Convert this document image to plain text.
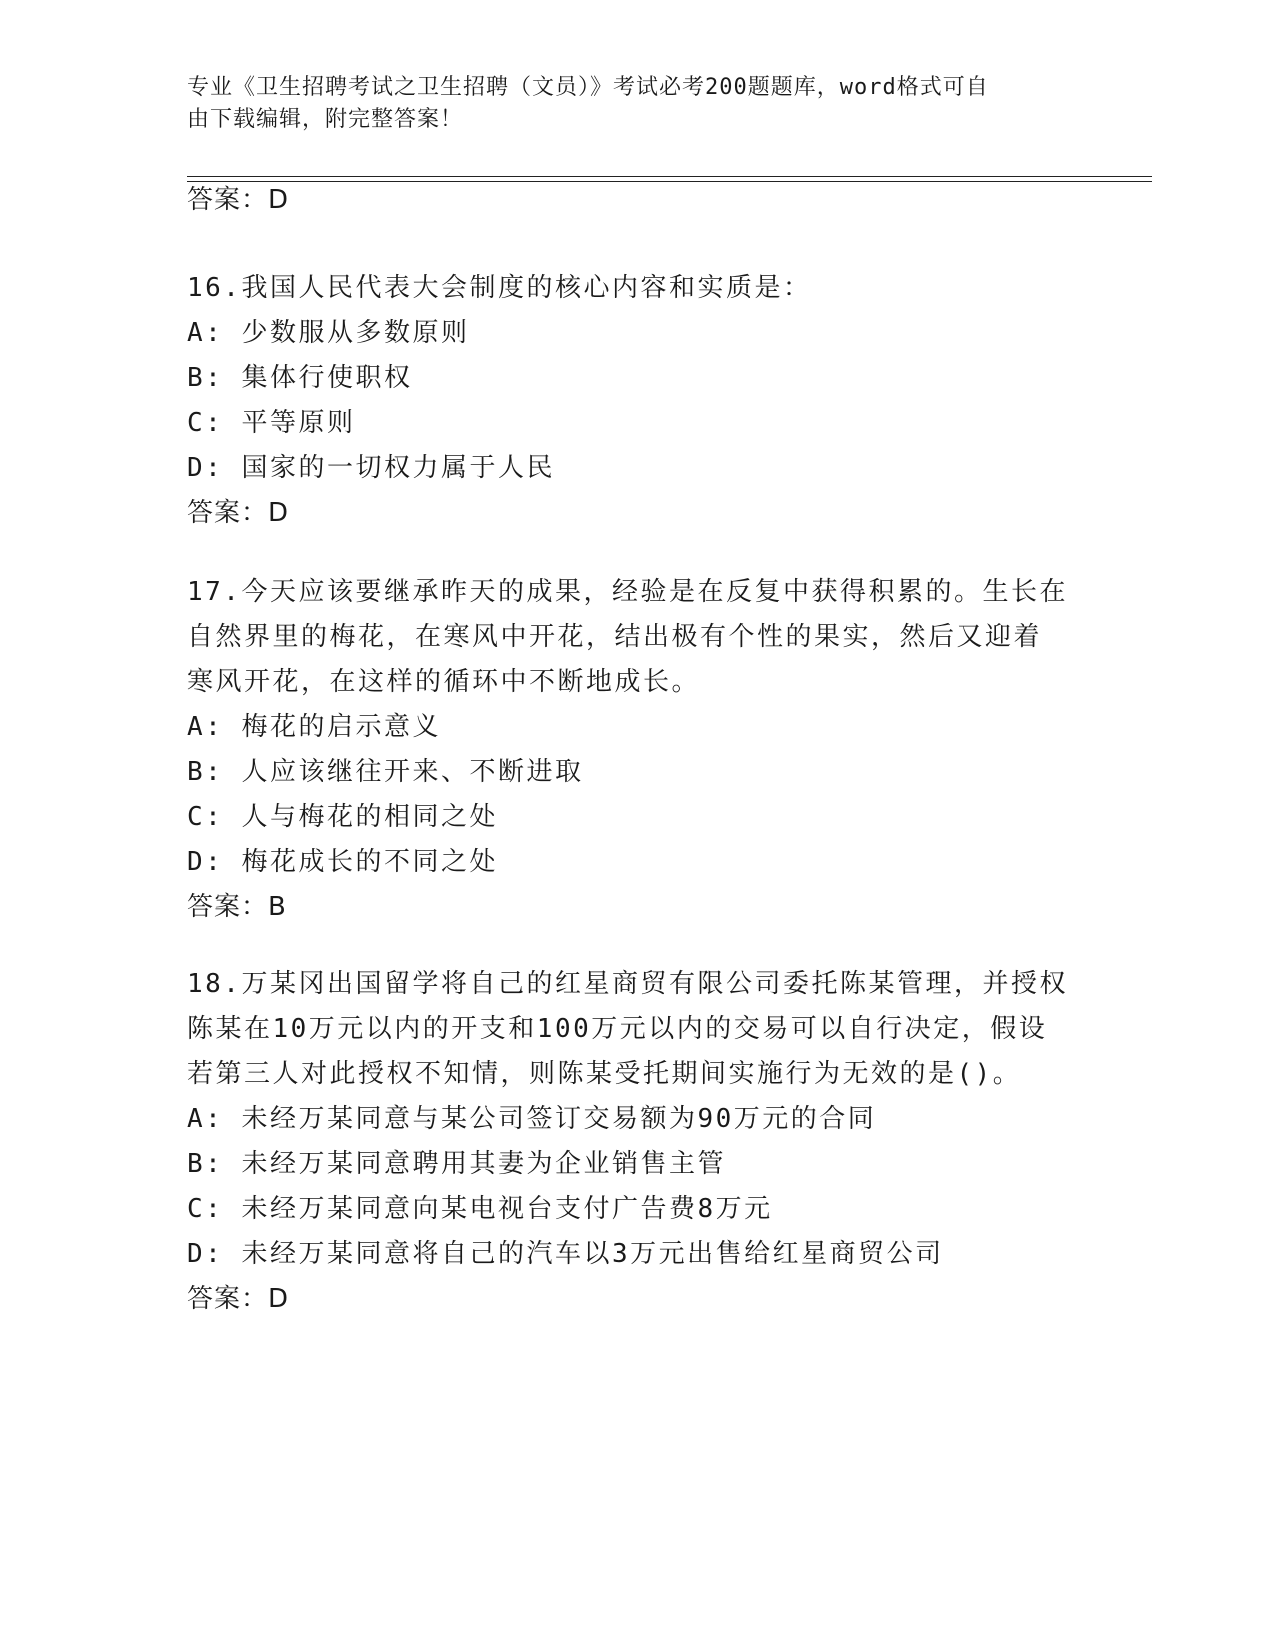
专业《卫生招聘考试之卫生招聘（文员）》考试必考200题题库，word格式可自
由下载编辑，附完整答案！
答案：D
16.我国人民代表大会制度的核心内容和实质是：
A: 少数服从多数原则
B: 集体行使职权
C: 平等原则
D: 国家的一切权力属于人民
答案：D
17.今天应该要继承昨天的成果，经验是在反复中获得积累的。生长在
自然界里的梅花，在寒风中开花，结出极有个性的果实，然后又迎着
寒风开花，在这样的循环中不断地成长。
A: 梅花的启示意义
B: 人应该继往开来、不断进取
C: 人与梅花的相同之处
D: 梅花成长的不同之处
答案：B
18.万某冈出国留学将自己的红星商贸有限公司委托陈某管理，并授权
陈某在10万元以内的开支和100万元以内的交易可以自行决定，假设
若第三人对此授权不知情，则陈某受托期间实施行为无效的是()。
A: 未经万某同意与某公司签订交易额为90万元的合同
B: 未经万某同意聘用其妻为企业销售主管
C: 未经万某同意向某电视台支付广告费8万元
D: 未经万某同意将自己的汽车以3万元出售给红星商贸公司
答案：D
